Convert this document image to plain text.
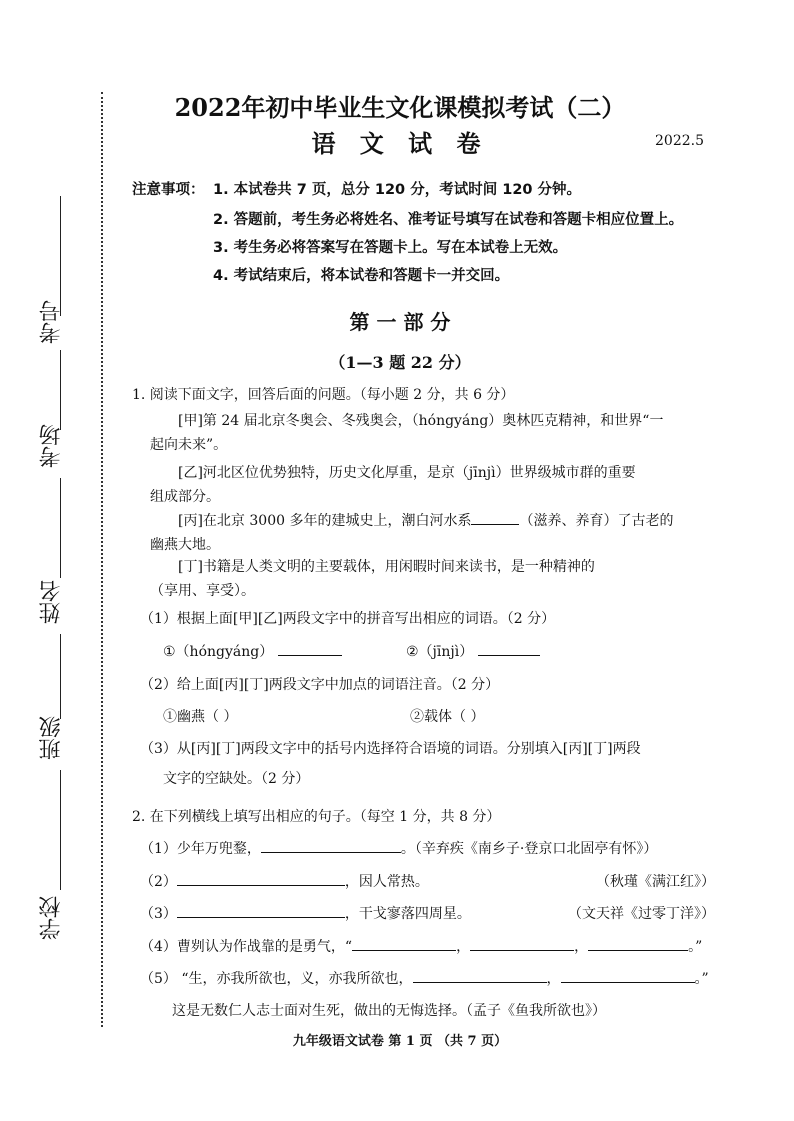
考号
考场
姓名
班级
学校
2022年初中毕业生文化课模拟考试（二）
语 文 试 卷	2022.5
注意事项： 1. 本试卷共 7 页，总分 120 分，考试时间 120 分钟。
2. 答题前，考生务必将姓名、准考证号填写在试卷和答题卡相应位置上。
3. 考生务必将答案写在答题卡上。写在本试卷上无效。
4. 考试结束后，将本试卷和答题卡一并交回。
第 一 部 分
（1—3 题 22 分）
1. 阅读下面文字，回答后面的问题。（每小题 2 分，共 6 分）
[甲]第 24 届北京冬奥会、冬残奥会，（hóngyáng）奥林匹克精神，和世界“一
起向未来”。
[乙]河北区位优势独特，历史文化厚重，是京（jīnjì）世界级城市群的重要
组成部分。
[丙]在北京 3000 多年的建城史上，潮白河水系	（滋养、养育）了古老的
幽燕大地。
[丁]书籍是人类文明的主要载体，用闲暇时间来读书，是一种精神的
（享用、享受）。
（1）根据上面[甲][乙]两段文字中的拼音写出相应的词语。（2 分）
①（hóngyáng）	②（jīnjì）
（2）给上面[丙][丁]两段文字中加点的词语注音。（2 分）
①幽燕（ ）	②载体（ ）
（3）从[丙][丁]两段文字中的括号内选择符合语境的词语。分别填入[丙][丁]两段
文字的空缺处。（2 分）
2. 在下列横线上填写出相应的句子。（每空 1 分，共 8 分）
（1）少年万兜鍪，	。（辛弃疾《南乡子·登京口北固亭有怀》）
（2）	，因人常热。	（秋瑾《满江红》）
（3）	，干戈寥落四周星。	（文天祥《过零丁洋》）
（4）曹刿认为作战靠的是勇气，“	，	，	。”
（5） “生，亦我所欲也，义，亦我所欲也，	，	。”
这是无数仁人志士面对生死，做出的无悔选择。（孟子《鱼我所欲也》）
九年级语文试卷 第 1 页 （共 7 页）
